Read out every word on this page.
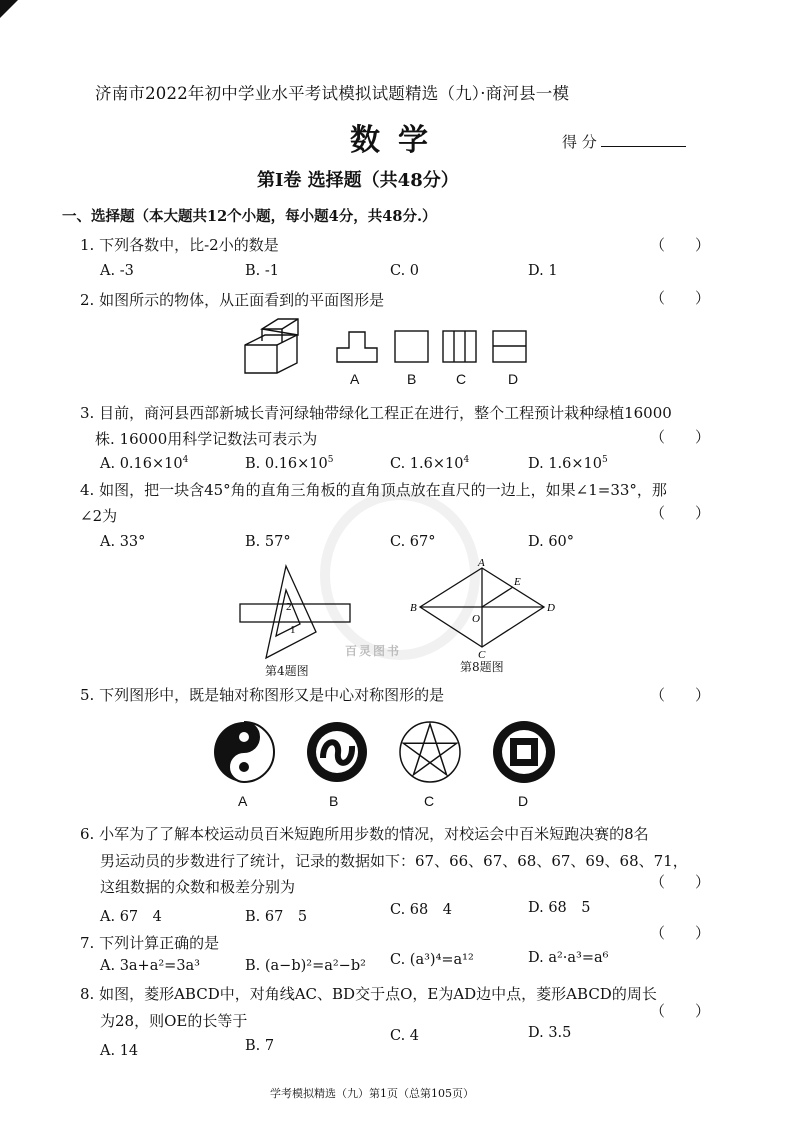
济南市2022年初中学业水平考试模拟试题精选（九）·商河县一模
数学	得 分
第Ⅰ卷 选择题（共48分）
一、选择题（本大题共12个小题，每小题4分，共48分.）
百灵图书
1. 下列各数中，比-2小的数是	（　　）
A. -3	B. -1	C. 0	D. 1
2. 如图所示的物体，从正面看到的平面图形是	（　　）
A	B	C	D
3. 目前，商河县西部新城长青河绿轴带绿化工程正在进行，整个工程预计栽种绿植16000
株. 16000用科学记数法可表示为	（　　）
A. $0.16\times 10^4$	B. $0.16\times 10^5$	C. $1.6\times 10^4$	D. $1.6\times 10^5$
4. 如图，把一块含45°角的直角三角板的直角顶点放在直尺的一边上，如果∠1=33°，那
∠2为	（　　）
A. 33°	B. 57°	C. 67°	D. 60°
2
1
第4题图
A
B
C
D
E
O
第8题图
5. 下列图形中，既是轴对称图形又是中心对称图形的是	（　　）
A	B	C	D
6. 小军为了了解本校运动员百米短跑所用步数的情况，对校运会中百米短跑决赛的8名
男运动员的步数进行了统计，记录的数据如下：67、66、67、68、67、69、68、71，
这组数据的众数和极差分别为	（　　）
A. 67　4	B. 67　5	C. 68　4	D. 68　5
7. 下列计算正确的是
（　　）
A. 3a+a²=3a³	B. (a−b)²=a²−b² C. (a³)⁴=a¹²	D. a²·a³=a⁶
8. 如图，菱形ABCD中，对角线AC、BD交于点O，E为AD边中点，菱形ABCD的周长
为28，则OE的长等于
（　　）
A. 14	B. 7
C. 4	D. 3.5
学考模拟精选（九）第1页（总第105页）
